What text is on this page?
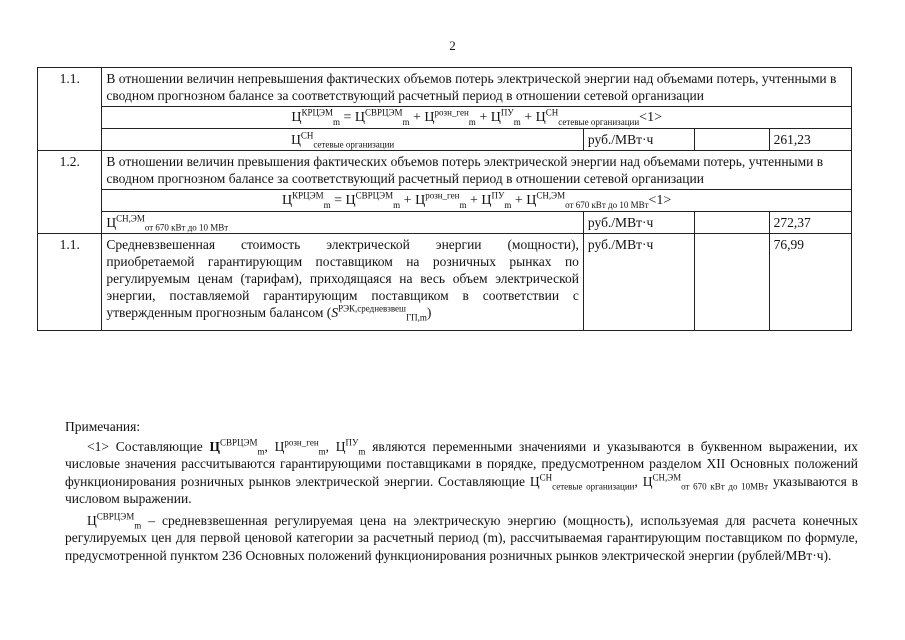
2
1.1.	В отношении величин непревышения фактических объемов потерь электрической энергии над объемами потерь, учтенными в сводном прогнозном балансе за соответствующий расчетный период в отношении сетевой организации			
	$Ц^{КРЦЭМ}_m = Ц^{СВРЦЭМ}_m + Ц^{розн\_ген}_m + Ц^{ПУ}_m + Ц^{СН}_{сетевые организации}<1>$			
	$Ц^{СН}_{сетевые организации}$	руб./МВт·ч		261,23
1.2.	В отношении величин превышения фактических объемов потерь электрической энергии над объемами потерь, учтенными в сводном прогнозном балансе за соответствующий расчетный период в отношении сетевой организации			
	$Ц^{КРЦЭМ}_m = Ц^{СВРЦЭМ}_m + Ц^{розн\_ген}_m + Ц^{ПУ}_m + Ц^{СН,ЭМ}_{от 670 кВт до 10 МВт}<1>$			
	$Ц^{СН,ЭМ}_{от 670 кВт до 10 МВт}$	руб./МВт·ч		272,37
1.1.	Средневзвешенная стоимость электрической энергии (мощности), приобретаемой гарантирующим поставщиком на розничных рынках по регулируемым ценам (тарифам), приходящаяся на весь объем электрической энергии, поставляемой гарантирующим поставщиком в соответствии с утвержденным прогнозным балансом $(S^{РЭК,средневзвеш}_{ГП,m})$	руб./МВт·ч		76,99

Примечания:

<1> Составляющие $Ц^{СВРЦЭМ}_m$, $Ц^{розн\_ген}_m$, $Ц^{ПУ}_m$ являются переменными значениями и указываются в буквенном выражении, их числовые значения рассчитываются гарантирующими поставщиками в порядке, предусмотренном разделом XII Основных положений функционирования розничных рынков электрической энергии. Составляющие $Ц^{СН}_{сетевые организации}$, $Ц^{СН,ЭМ}_{от 670 кВт до 10МВт}$ указываются в числовом выражении.

$Ц^{СВРЦЭМ}_m$ – средневзвешенная регулируемая цена на электрическую энергию (мощность), используемая для расчета конечных регулируемых цен для первой ценовой категории за расчетный период (m), рассчитываемая гарантирующим поставщиком по формуле, предусмотренной пунктом 236 Основных положений функционирования розничных рынков электрической энергии (рублей/МВт·ч).
